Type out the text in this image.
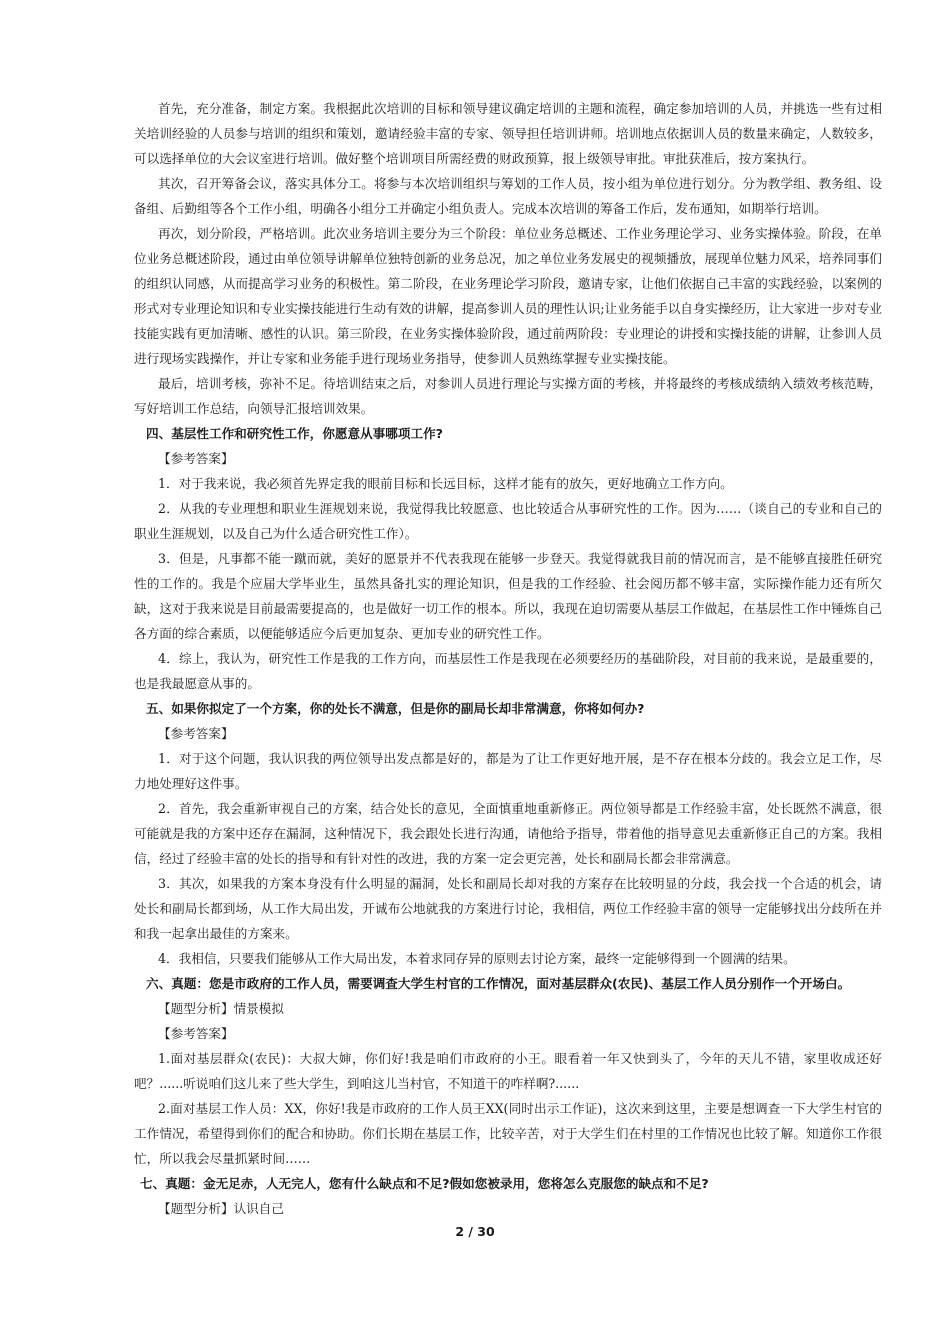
首先，充分准备，制定方案。我根据此次培训的目标和领导建议确定培训的主题和流程，确定参加培训的人员，并挑选一些有过相关培训经验的人员参与培训的组织和策划，邀请经验丰富的专家、领导担任培训讲师。培训地点依据训人员的数量来确定，人数较多，可以选择单位的大会议室进行培训。做好整个培训项目所需经费的财政预算，报上级领导审批。审批获准后，按方案执行。

其次，召开筹备会议，落实具体分工。将参与本次培训组织与筹划的工作人员，按小组为单位进行划分。分为教学组、教务组、设备组、后勤组等各个工作小组，明确各小组分工并确定小组负责人。完成本次培训的筹备工作后，发布通知，如期举行培训。

再次，划分阶段，严格培训。此次业务培训主要分为三个阶段：单位业务总概述、工作业务理论学习、业务实操体验。阶段，在单位业务总概述阶段，通过由单位领导讲解单位独特创新的业务总况，加之单位业务发展史的视频播放，展现单位魅力风采，培养同事们的组织认同感，从而提高学习业务的积极性。第二阶段，在业务理论学习阶段，邀请专家，让他们依据自己丰富的实践经验，以案例的形式对专业理论知识和专业实操技能进行生动有效的讲解，提高参训人员的理性认识;让业务能手以自身实操经历，让大家进一步对专业技能实践有更加清晰、感性的认识。第三阶段，在业务实操体验阶段，通过前两阶段：专业理论的讲授和实操技能的讲解，让参训人员进行现场实践操作，并让专家和业务能手进行现场业务指导，使参训人员熟练掌握专业实操技能。

最后，培训考核，弥补不足。待培训结束之后，对参训人员进行理论与实操方面的考核，并将最终的考核成绩纳入绩效考核范畴，写好培训工作总结，向领导汇报培训效果。

四、基层性工作和研究性工作，你愿意从事哪项工作?

【参考答案】

1．对于我来说，我必须首先界定我的眼前目标和长远目标，这样才能有的放矢，更好地确立工作方向。

2．从我的专业理想和职业生涯规划来说，我觉得我比较愿意、也比较适合从事研究性的工作。因为……（谈自己的专业和自己的职业生涯规划，以及自己为什么适合研究性工作）。

3．但是，凡事都不能一蹴而就，美好的愿景并不代表我现在能够一步登天。我觉得就我目前的情况而言，是不能够直接胜任研究性的工作的。我是个应届大学毕业生，虽然具备扎实的理论知识，但是我的工作经验、社会阅历都不够丰富，实际操作能力还有所欠缺，这对于我来说是目前最需要提高的，也是做好一切工作的根本。所以，我现在迫切需要从基层工作做起，在基层性工作中锤炼自己各方面的综合素质，以便能够适应今后更加复杂、更加专业的研究性工作。

4．综上，我认为，研究性工作是我的工作方向，而基层性工作是我现在必须要经历的基础阶段，对目前的我来说，是最重要的，也是我最愿意从事的。

五、如果你拟定了一个方案，你的处长不满意，但是你的副局长却非常满意，你将如何办?

【参考答案】

1．对于这个问题，我认识我的两位领导出发点都是好的，都是为了让工作更好地开展，是不存在根本分歧的。我会立足工作，尽力地处理好这件事。

2．首先，我会重新审视自己的方案，结合处长的意见，全面慎重地重新修正。两位领导都是工作经验丰富，处长既然不满意，很可能就是我的方案中还存在漏洞，这种情况下，我会跟处长进行沟通，请他给予指导，带着他的指导意见去重新修正自己的方案。我相信，经过了经验丰富的处长的指导和有针对性的改进，我的方案一定会更完善，处长和副局长都会非常满意。

3．其次，如果我的方案本身没有什么明显的漏洞，处长和副局长却对我的方案存在比较明显的分歧，我会找一个合适的机会，请处长和副局长都到场，从工作大局出发，开诚布公地就我的方案进行讨论，我相信，两位工作经验丰富的领导一定能够找出分歧所在并和我一起拿出最佳的方案来。

4．我相信，只要我们能够从工作大局出发，本着求同存异的原则去讨论方案，最终一定能够得到一个圆满的结果。

六、真题：您是市政府的工作人员，需要调查大学生村官的工作情况，面对基层群众(农民)、基层工作人员分别作一个开场白。

【题型分析】情景模拟

【参考答案】

1.面对基层群众(农民)：大叔大婶，你们好!我是咱们市政府的小王。眼看着一年又快到头了，今年的天儿不错，家里收成还好吧？......听说咱们这儿来了些大学生，到咱这儿当村官，不知道干的咋样啊?......

2.面对基层工作人员：XX，你好!我是市政府的工作人员王XX(同时出示工作证)，这次来到这里，主要是想调查一下大学生村官的工作情况，希望得到你们的配合和协助。你们长期在基层工作，比较辛苦，对于大学生们在村里的工作情况也比较了解。知道你工作很忙，所以我会尽量抓紧时间……

七、真题：金无足赤，人无完人，您有什么缺点和不足?假如您被录用，您将怎么克服您的缺点和不足?

【题型分析】认识自己

2 / 30
